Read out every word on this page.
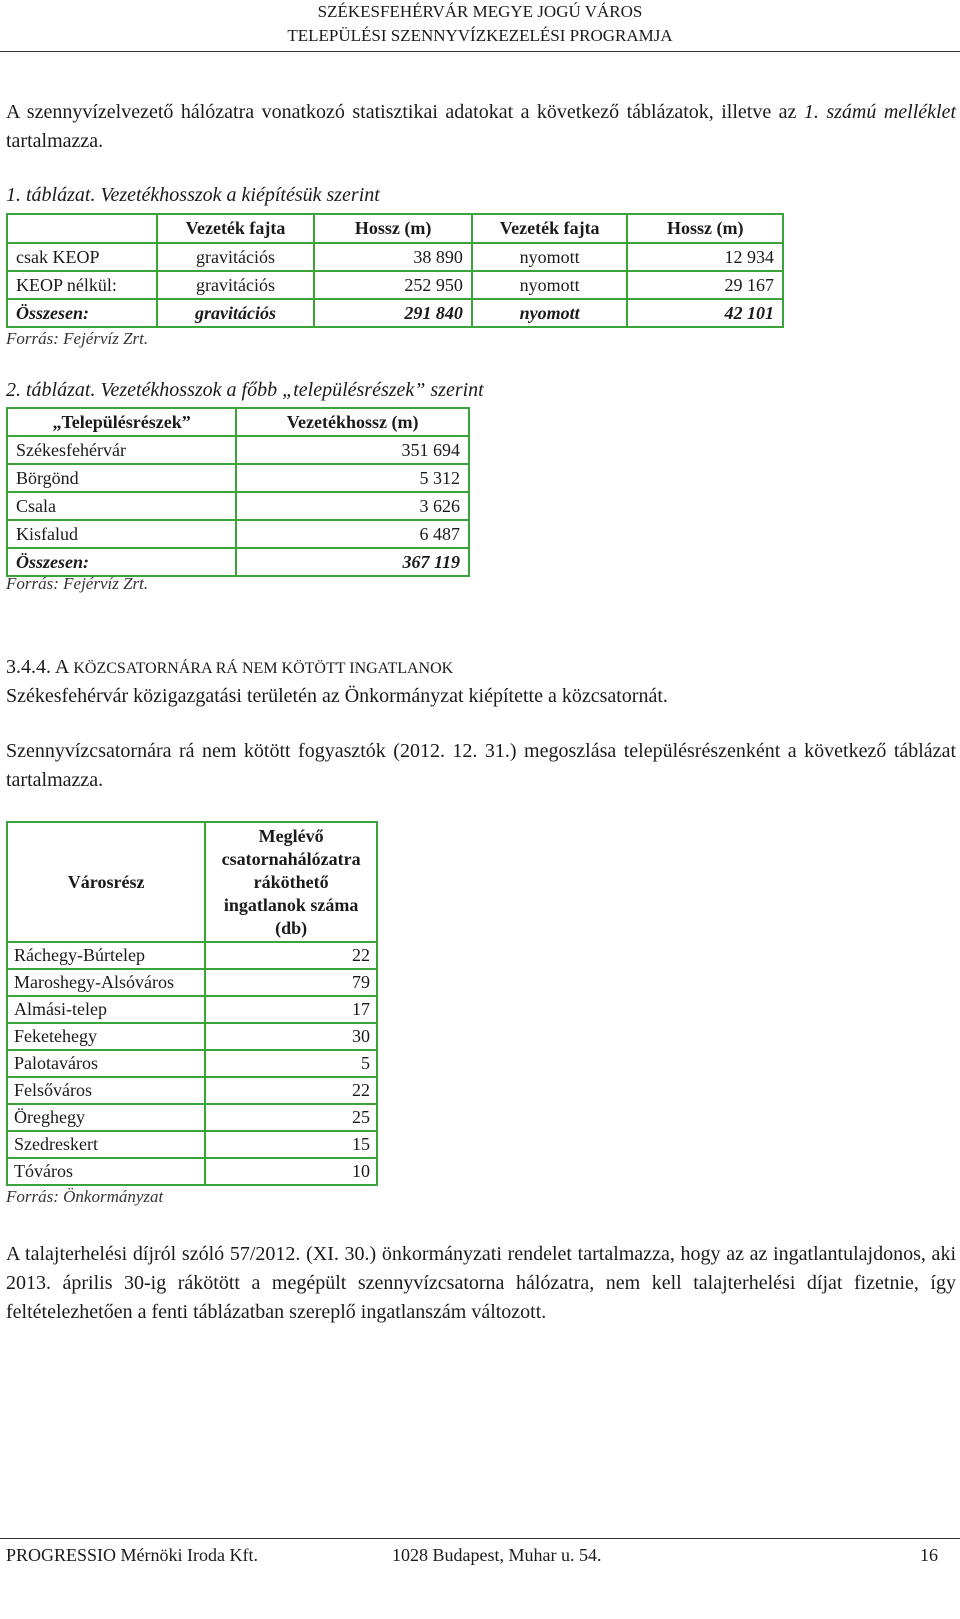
SZÉKESFEHÉRVÁR MEGYE JOGÚ VÁROS
TELEPÜLÉSI SZENNYVÍZKEZELÉSI PROGRAMJA
A szennyvízelvezető hálózatra vonatkozó statisztikai adatokat a következő táblázatok, illetve az 1. számú melléklet tartalmazza.
1. táblázat. Vezetékhosszok a kiépítésük szerint
	Vezeték fajta	Hossz (m)	Vezeték fajta	Hossz (m)
csak KEOP	gravitációs	38 890	nyomott	12 934
KEOP nélkül:	gravitációs	252 950	nyomott	29 167
Összesen:	gravitációs	291 840	nyomott	42 101
Forrás: Fejérvíz Zrt.
2. táblázat. Vezetékhosszok a főbb „településrészek” szerint
„Településrészek”	Vezetékhossz (m)
Székesfehérvár	351 694
Börgönd	5 312
Csala	3 626
Kisfalud	6 487
Összesen:	367 119
Forrás: Fejérvíz Zrt.
3.4.4. A KÖZCSATORNÁRA RÁ NEM KÖTÖTT INGATLANOK
Székesfehérvár közigazgatási területén az Önkormányzat kiépítette a közcsatornát.
Szennyvízcsatornára rá nem kötött fogyasztók (2012. 12. 31.) megoszlása településrészenként a következő táblázat tartalmazza.
Városrész	Meglévő csatornahálózatra ráköthető ingatlanok száma (db)
Ráchegy-Búrtelep	22
Maroshegy-Alsóváros	79
Almási-telep	17
Feketehegy	30
Palotaváros	5
Felsőváros	22
Öreghegy	25
Szedreskert	15
Tóváros	10
Forrás: Önkormányzat
A talajterhelési díjról szóló 57/2012. (XI. 30.) önkormányzati rendelet tartalmazza, hogy az az ingatlantulajdonos, aki 2013. április 30-ig rákötött a megépült szennyvízcsatorna hálózatra, nem kell talajterhelési díjat fizetnie, így feltételezhetően a fenti táblázatban szereplő ingatlanszám változott.
PROGRESSIO Mérnöki Iroda Kft.	1028 Budapest, Muhar u. 54.	16
